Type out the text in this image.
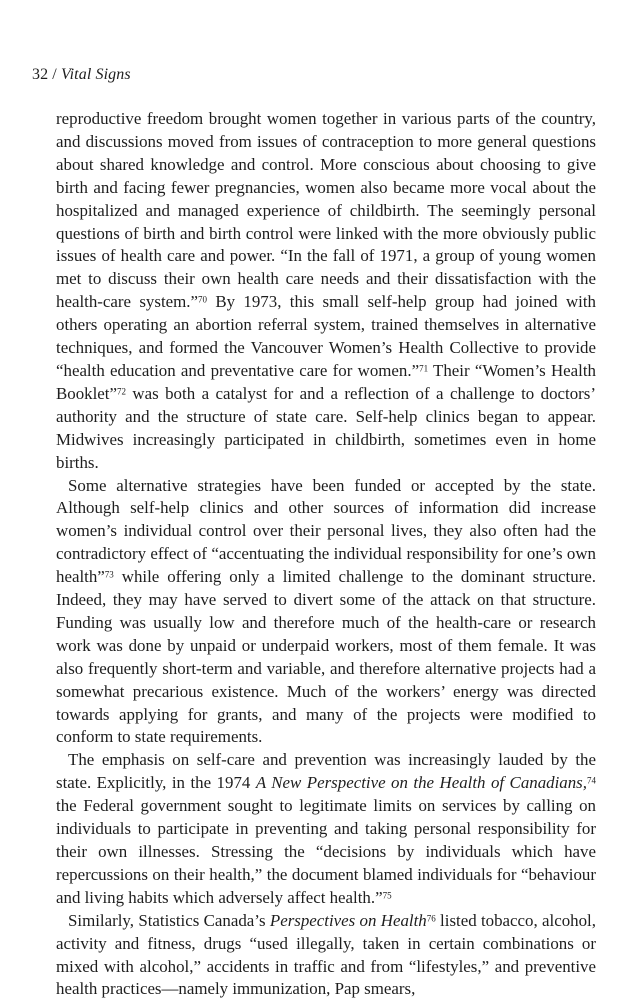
32 / Vital Signs

reproductive freedom brought women together in various parts of the country, and discussions moved from issues of contraception to more general questions about shared knowledge and control. More conscious about choosing to give birth and facing fewer pregnancies, women also became more vocal about the hospitalized and managed experience of childbirth. The seemingly personal questions of birth and birth control were linked with the more obviously public issues of health care and power. “In the fall of 1971, a group of young women met to discuss their own health care needs and their dissatisfaction with the health-care system.”$^{70}$ By 1973, this small self-help group had joined with others operating an abortion referral system, trained themselves in alternative techniques, and formed the Vancouver Women’s Health Collective to provide “health education and preventative care for women.”$^{71}$ Their “Women’s Health Booklet”$^{72}$ was both a catalyst for and a reflection of a challenge to doctors’ authority and the structure of state care. Self-help clinics began to appear. Midwives increasingly participated in childbirth, sometimes even in home births.

Some alternative strategies have been funded or accepted by the state. Although self-help clinics and other sources of information did increase women’s individual control over their personal lives, they also often had the contradictory effect of “accentuating the individual responsibility for one’s own health”$^{73}$ while offering only a limited challenge to the dominant structure. Indeed, they may have served to divert some of the attack on that structure. Funding was usually low and therefore much of the health-care or research work was done by unpaid or underpaid workers, most of them female. It was also frequently short-term and variable, and therefore alternative projects had a somewhat precarious existence. Much of the workers’ energy was directed towards applying for grants, and many of the projects were modified to conform to state requirements.

The emphasis on self-care and prevention was increasingly lauded by the state. Explicitly, in the 1974 A New Perspective on the Health of Canadians,$^{74}$ the Federal government sought to legitimate limits on services by calling on individuals to participate in preventing and taking personal responsibility for their own illnesses. Stressing the “decisions by individuals which have repercussions on their health,” the document blamed individuals for “behaviour and living habits which adversely affect health.”$^{75}$

Similarly, Statistics Canada’s Perspectives on Health$^{76}$ listed tobacco, alcohol, activity and fitness, drugs “used illegally, taken in certain combinations or mixed with alcohol,” accidents in traffic and from “lifestyles,” and preventive health practices—namely immunization, Pap smears,
